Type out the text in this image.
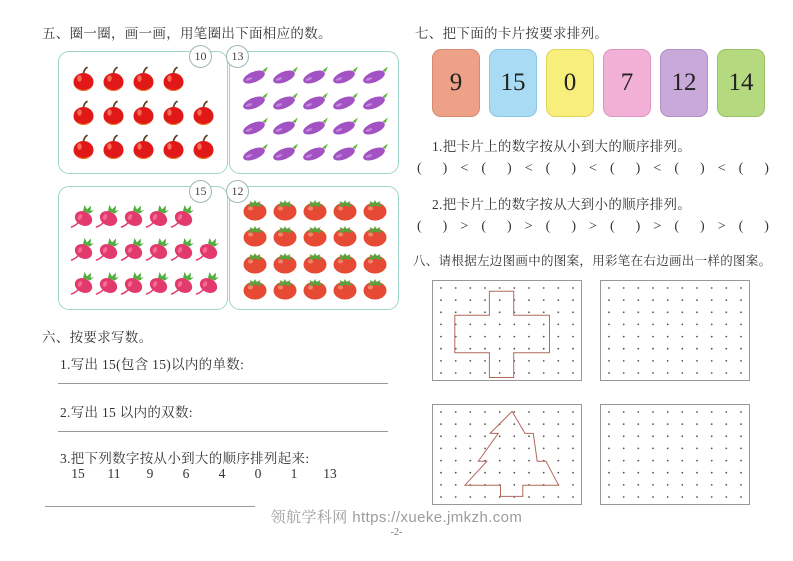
五、圈一圈，画一画，用笔圈出下面相应的数。
10	13
15	12
六、按要求写数。
1.写出 15(包含 15)以内的单数:
2.写出 15 以内的双数:
3.把下列数字按从小到大的顺序排列起来:
15 11	9	6	4	0	1	13
七、把下面的卡片按要求排列。
9	15	0	7	12	14
1.把卡片上的数字按从小到大的顺序排列。
(      ) < (      ) < (      ) < (      ) < (      ) < (      )
2.把卡片上的数字按从大到小的顺序排列。
(      ) > (      ) > (      ) > (      ) > (      ) > (      )
八、请根据左边图画中的图案，用彩笔在右边画出一样的图案。
领航学科网 https://xueke.jmkzh.com
-2-
